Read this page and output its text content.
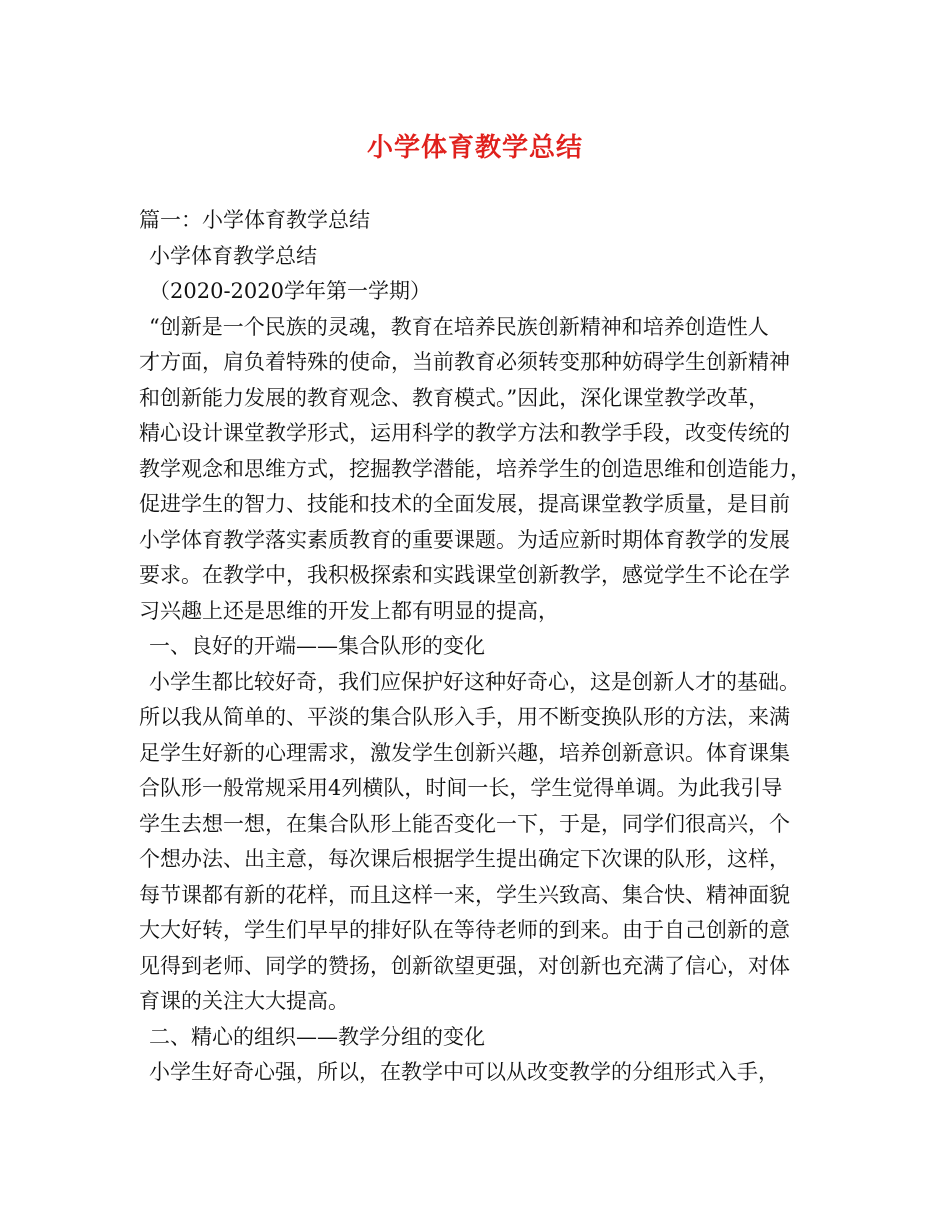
小学体育教学总结

篇一：小学体育教学总结

小学体育教学总结

（2020-2020学年第一学期）

“创新是一个民族的灵魂，教育在培养民族创新精神和培养创造性人

才方面，肩负着特殊的使命，当前教育必须转变那种妨碍学生创新精神

和创新能力发展的教育观念、教育模式。”因此，深化课堂教学改革，

精心设计课堂教学形式，运用科学的教学方法和教学手段，改变传统的

教学观念和思维方式，挖掘教学潜能，培养学生的创造思维和创造能力，

促进学生的智力、技能和技术的全面发展，提高课堂教学质量，是目前

小学体育教学落实素质教育的重要课题。为适应新时期体育教学的发展

要求。在教学中，我积极探索和实践课堂创新教学，感觉学生不论在学

习兴趣上还是思维的开发上都有明显的提高，

一、良好的开端——集合队形的变化

小学生都比较好奇，我们应保护好这种好奇心，这是创新人才的基础。

所以我从简单的、平淡的集合队形入手，用不断变换队形的方法，来满

足学生好新的心理需求，激发学生创新兴趣，培养创新意识。体育课集

合队形一般常规采用4列横队，时间一长，学生觉得单调。为此我引导

学生去想一想，在集合队形上能否变化一下，于是，同学们很高兴，个

个想办法、出主意，每次课后根据学生提出确定下次课的队形，这样，

每节课都有新的花样，而且这样一来，学生兴致高、集合快、精神面貌

大大好转，学生们早早的排好队在等待老师的到来。由于自己创新的意

见得到老师、同学的赞扬，创新欲望更强，对创新也充满了信心，对体

育课的关注大大提高。

二、精心的组织——教学分组的变化

小学生好奇心强，所以，在教学中可以从改变教学的分组形式入手，
